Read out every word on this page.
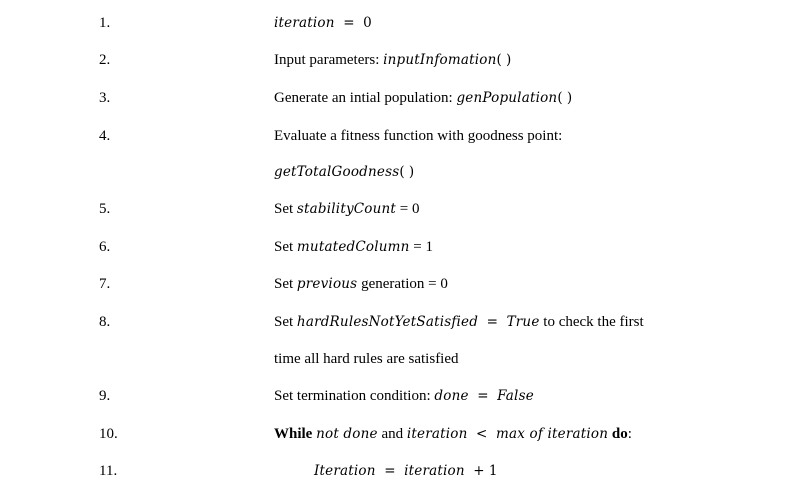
1.	iteration  =  0
2.	Input parameters: inputInfomation( )
3.	Generate an intial population: genPopulation( )
4.	Evaluate a fitness function with goodness point:
getTotalGoodness( )
5.	Set stabilityCount = 0
6.	Set mutatedColumn = 1
7.	Set previous generation = 0
8.	Set hardRulesNotYetSatisfied  =  True to check the first
time all hard rules are satisfied
9.	Set termination condition: done  =  False
10.	While not done and iteration  <  max of iteration do:
11.	Iteration  =  iteration  + 1
